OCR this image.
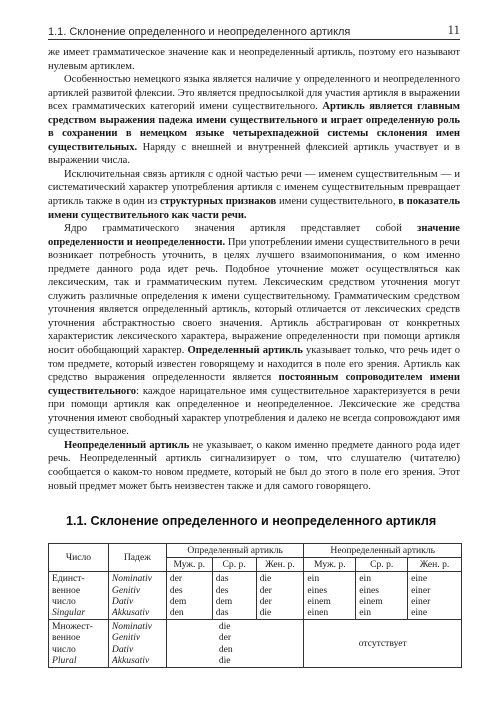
1.1. Склонение определенного и неопределенного артикля	11

же имеет грамматическое значение как и неопределенный артикль, поэтому его называют нулевым артиклем.

Особенностью немецкого языка является наличие у определенного и неопределенного артиклей развитой флексии. Это является предпосылкой для участия артикля в выражении всех грамматических категорий имени существительного. Артикль является главным средством выражения падежа имени существительного и играет определенную роль в сохранении в немецком языке четырехпадежной системы склонения имен существительных. Наряду с внешней и внутренней флексией артикль участвует и в выражении числа.

Исключительная связь артикля с одной частью речи — именем существительным — и систематический характер употребления артикля с именем существительным превращает артикль также в один из структурных признаков имени существительного, в показатель имени существительного как части речи.

Ядро грамматического значения артикля представляет собой значение определенности и неопределенности. При употреблении имени существительного в речи возникает потребность уточнить, в целях лучшего взаимопонимания, о ком именно предмете данного рода идет речь. Подобное уточнение может осуществляться как лексическим, так и грамматическим путем. Лексическим средством уточнения могут служить различные определения к имени существительному. Грамматическим средством уточнения является определенный артикль, который отличается от лексических средств уточнения абстрактностью своего значения. Артикль абстрагирован от конкретных характеристик лексического характера, выражение определенности при помощи артикля носит обобщающий характер. Определенный артикль указывает только, что речь идет о том предмете, который известен говорящему и находится в поле его зрения. Артикль как средство выражения определенности является постоянным сопроводителем имени существительного: каждое нарицательное имя существительное характеризуется в речи при помощи артикля как определенное и неопределенное. Лексические же средства уточнения имеют свободный характер употребления и далеко не всегда сопровождают имя существительное.

Неопределенный артикль не указывает, о каком именно предмете данного рода идет речь. Неопределенный артикль сигнализирует о том, что слушателю (читателю) сообщается о каком-то новом предмете, который не был до этого в поле его зрения. Этот новый предмет может быть неизвестен также и для самого говорящего.

1.1. Склонение определенного и неопределенного артикля
Число	Падеж	Определенный артикль			Неопределенный артикль		
		Муж. р.	Ср. р.	Жен. р.	Муж. р.	Ср. р.	Жен. р.

Единст-
венное
число
Singular	Nominativ
Genitiv
Dativ
Akkusativ	der
des
dem
den	das
des
dem
das	die
der
der
die	ein
eines
einem
einen	ein
eines
einem
ein	eine
einer
einer
eine

Множест-
венное
число
Plural	Nominativ
Genitiv
Dativ
Akkusativ	die
der
den
die			отсутствует		
